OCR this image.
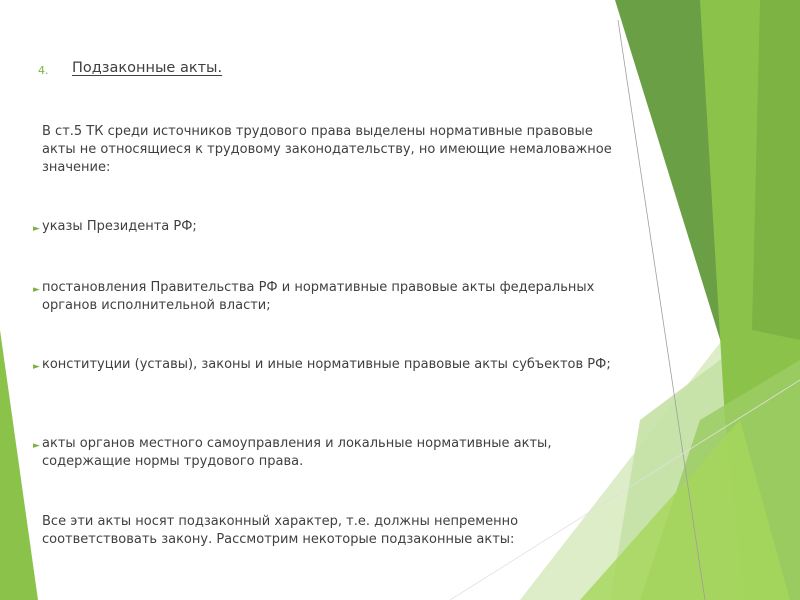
4. Подзаконные акты.
В ст.5 ТК среди источников трудового права выделены нормативные правовые акты не относящиеся к трудовому законодательству, но имеющие немаловажное значение:
► указы Президента РФ;
► постановления Правительства РФ и нормативные правовые акты федеральных органов исполнительной власти;
► конституции (уставы), законы и иные нормативные правовые акты субъектов РФ;
► акты органов местного самоуправления и локальные нормативные акты, содержащие нормы трудового права.
Все эти акты носят подзаконный характер, т.е. должны непременно соответствовать закону. Рассмотрим некоторые подзаконные акты:
